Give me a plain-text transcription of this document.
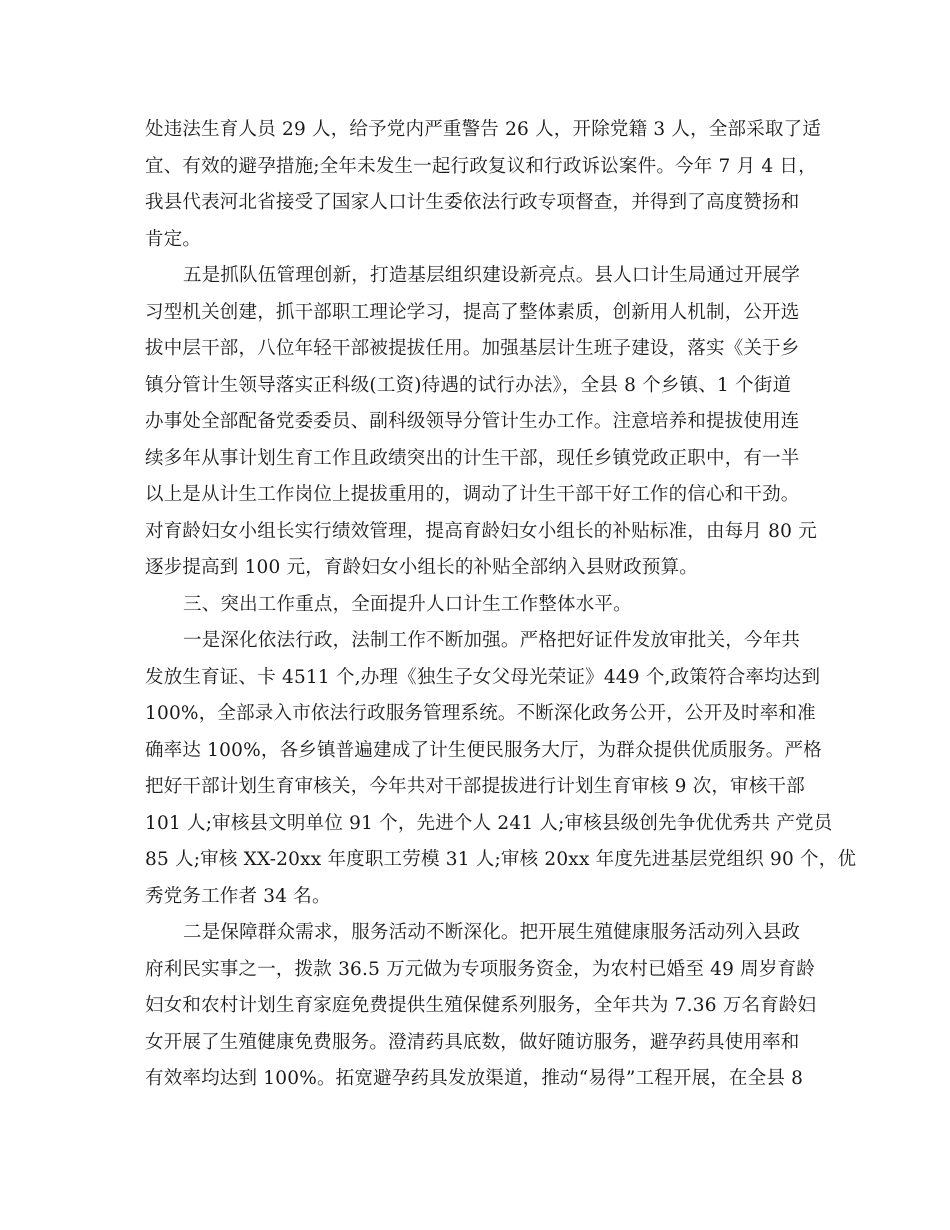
处违法生育人员 29 人，给予党内严重警告 26 人，开除党籍 3 人，全部采取了适
宜、有效的避孕措施;全年未发生一起行政复议和行政诉讼案件。今年 7 月 4 日，
我县代表河北省接受了国家人口计生委依法行政专项督查，并得到了高度赞扬和
肯定。
五是抓队伍管理创新，打造基层组织建设新亮点。县人口计生局通过开展学
习型机关创建，抓干部职工理论学习，提高了整体素质，创新用人机制，公开选
拔中层干部，八位年轻干部被提拔任用。加强基层计生班子建设，落实《关于乡
镇分管计生领导落实正科级(工资)待遇的试行办法》，全县 8 个乡镇、1 个街道
办事处全部配备党委委员、副科级领导分管计生办工作。注意培养和提拔使用连
续多年从事计划生育工作且政绩突出的计生干部，现任乡镇党政正职中，有一半
以上是从计生工作岗位上提拔重用的，调动了计生干部干好工作的信心和干劲。
对育龄妇女小组长实行绩效管理，提高育龄妇女小组长的补贴标准，由每月 80 元
逐步提高到 100 元，育龄妇女小组长的补贴全部纳入县财政预算。
三、突出工作重点，全面提升人口计生工作整体水平。
一是深化依法行政，法制工作不断加强。严格把好证件发放审批关，今年共
发放生育证、卡 4511 个,办理《独生子女父母光荣证》449 个,政策符合率均达到
100%，全部录入市依法行政服务管理系统。不断深化政务公开，公开及时率和准
确率达 100%，各乡镇普遍建成了计生便民服务大厅，为群众提供优质服务。严格
把好干部计划生育审核关，今年共对干部提拔进行计划生育审核 9 次，审核干部
101 人;审核县文明单位 91 个，先进个人 241 人;审核县级创先争优优秀共 产党员
85 人;审核 XX-20xx 年度职工劳模 31 人;审核 20xx 年度先进基层党组织 90 个，优
秀党务工作者 34 名。
二是保障群众需求，服务活动不断深化。把开展生殖健康服务活动列入县政
府利民实事之一，拨款 36.5 万元做为专项服务资金，为农村已婚至 49 周岁育龄
妇女和农村计划生育家庭免费提供生殖保健系列服务，全年共为 7.36 万名育龄妇
女开展了生殖健康免费服务。澄清药具底数，做好随访服务，避孕药具使用率和
有效率均达到 100%。拓宽避孕药具发放渠道，推动“易得”工程开展，在全县 8
